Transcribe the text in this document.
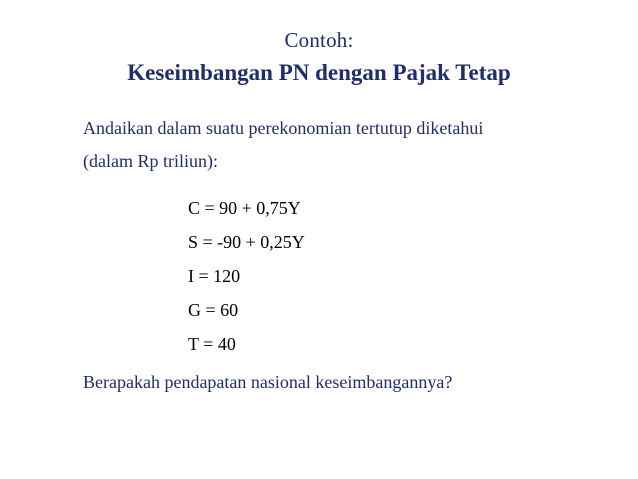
Contoh:
Keseimbangan PN dengan Pajak Tetap

Andaikan dalam suatu perekonomian tertutup diketahui

(dalam Rp triliun):

C = 90 + 0,75Y
S = -90 + 0,25Y
I = 120
G = 60
T = 40

Berapakah pendapatan nasional keseimbangannya?
